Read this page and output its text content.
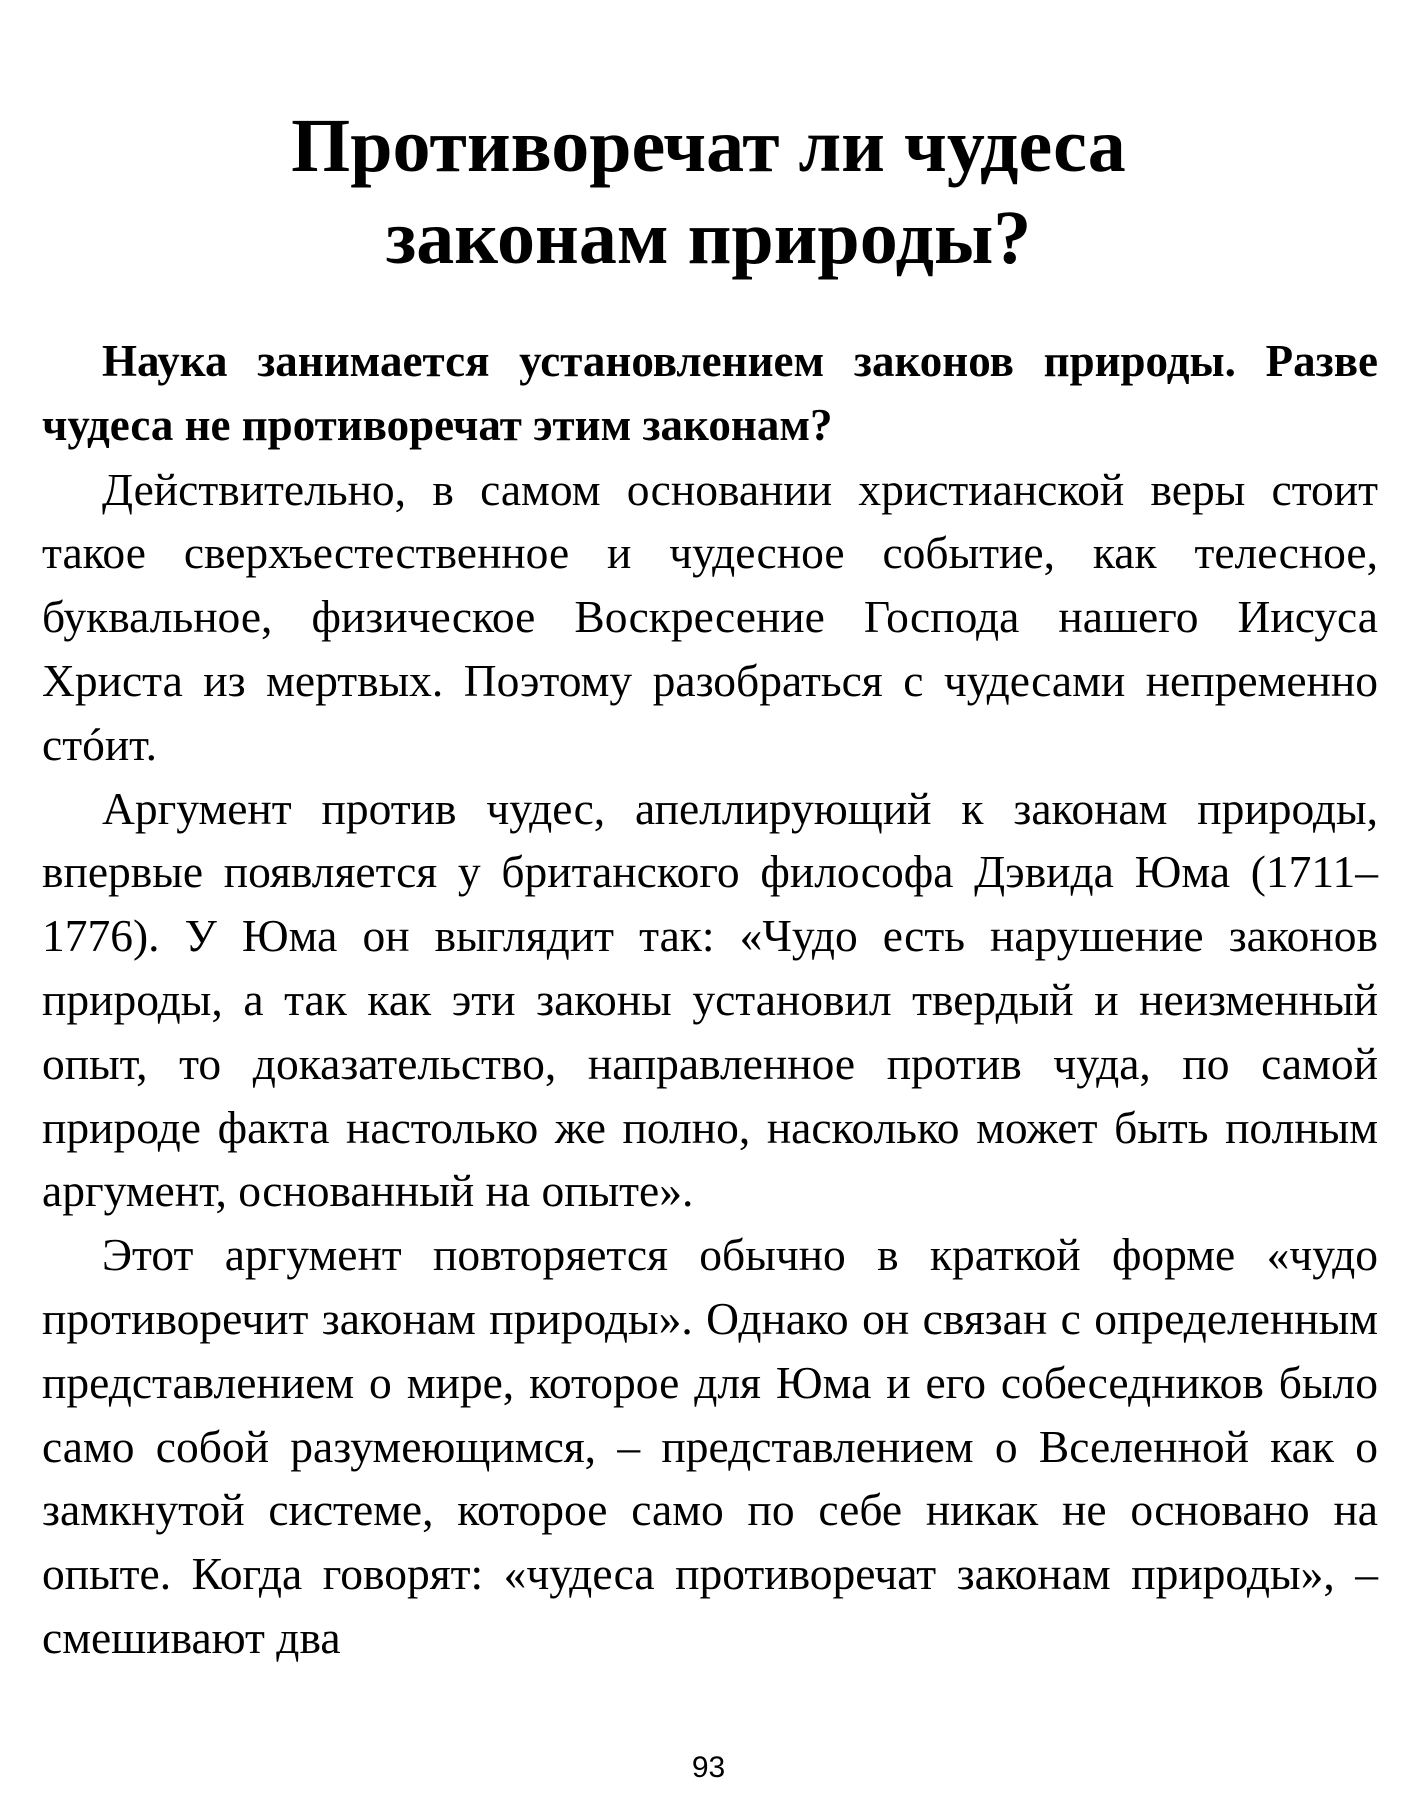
Противоречат ли чудеса
законам природы?

Наука занимается установлением законов природы. Разве чудеса не противоречат этим законам?

Действительно, в самом основании христианской веры стоит такое сверхъестественное и чудесное событие, как телесное, буквальное, физическое Воскресение Господа нашего Иисуса Христа из мертвых. Поэтому разобраться с чудесами непременно стóит.

Аргумент против чудес, апеллирующий к законам природы, впервые появляется у британского философа Дэвида Юма (1711–1776). У Юма он выглядит так: «Чудо есть нарушение законов природы, а так как эти законы установил твердый и неизменный опыт, то доказательство, направленное против чуда, по самой природе факта настолько же полно, насколько может быть полным аргумент, основанный на опыте».

Этот аргумент повторяется обычно в краткой форме «чудо противоречит законам природы». Однако он связан с определенным представлением о мире, которое для Юма и его собеседников было само собой разумеющимся, – представлением о Вселенной как о замкнутой системе, которое само по себе никак не основано на опыте. Когда говорят: «чудеса противоречат законам природы», – смешивают два

93
